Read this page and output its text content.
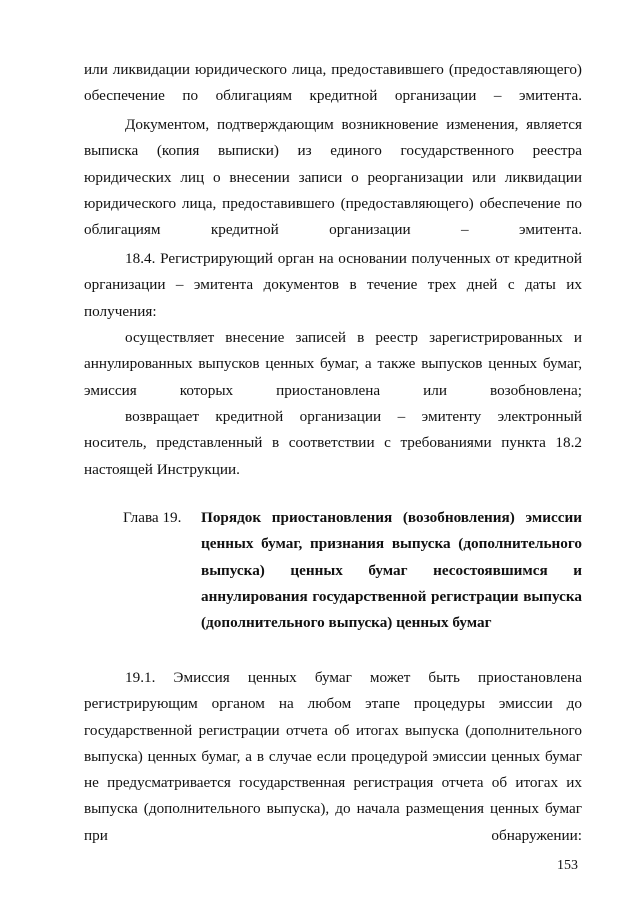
или ликвидации юридического лица, предоставившего (предоставляющего) обеспечение по облигациям кредитной организации – эмитента.

Документом, подтверждающим возникновение изменения, является выписка (копия выписки) из единого государственного реестра юридических лиц о внесении записи о реорганизации или ликвидации юридического лица, предоставившего (предоставляющего) обеспечение по облигациям кредитной организации – эмитента.

18.4. Регистрирующий орган на основании полученных от кредитной организации – эмитента документов в течение трех дней с даты их получения:

осуществляет внесение записей в реестр зарегистрированных и аннулированных выпусков ценных бумаг, а также выпусков ценных бумаг, эмиссия которых приостановлена или возобновлена;

возвращает кредитной организации – эмитенту электронный носитель, представленный в соответствии с требованиями пункта 18.2 настоящей Инструкции.

Глава 19. Порядок приостановления (возобновления) эмиссии ценных бумаг, признания выпуска (дополнительного выпуска) ценных бумаг несостоявшимся и аннулирования государственной регистрации выпуска (дополнительного выпуска) ценных бумаг

19.1. Эмиссия ценных бумаг может быть приостановлена регистрирующим органом на любом этапе процедуры эмиссии до государственной регистрации отчета об итогах выпуска (дополнительного выпуска) ценных бумаг, а в случае если процедурой эмиссии ценных бумаг не предусматривается государственная регистрация отчета об итогах их выпуска (дополнительного выпуска), до начала размещения ценных бумаг при обнаружении:

153
